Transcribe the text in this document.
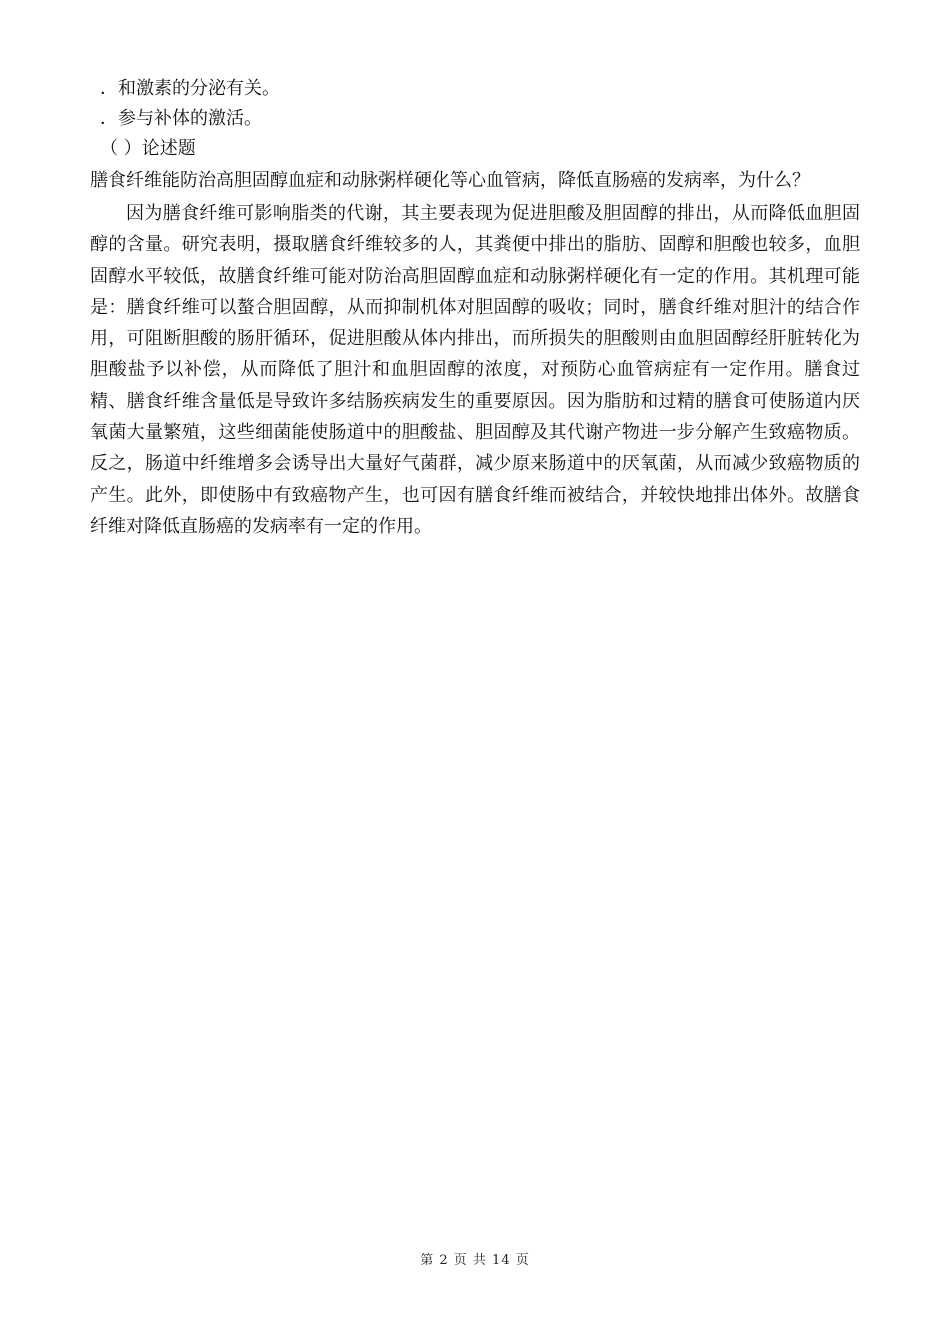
．和激素的分泌有关。

．参与补体的激活。

（ ）论述题

膳食纤维能防治高胆固醇血症和动脉粥样硬化等心血管病，降低直肠癌的发病率，为什么？

因为膳食纤维可影响脂类的代谢，其主要表现为促进胆酸及胆固醇的排出，从而降低血胆固醇的含量。研究表明，摄取膳食纤维较多的人，其粪便中排出的脂肪、固醇和胆酸也较多，血胆固醇水平较低，故膳食纤维可能对防治高胆固醇血症和动脉粥样硬化有一定的作用。其机理可能是：膳食纤维可以螯合胆固醇，从而抑制机体对胆固醇的吸收；同时，膳食纤维对胆汁的结合作用，可阻断胆酸的肠肝循环，促进胆酸从体内排出，而所损失的胆酸则由血胆固醇经肝脏转化为胆酸盐予以补偿，从而降低了胆汁和血胆固醇的浓度，对预防心血管病症有一定作用。膳食过精、膳食纤维含量低是导致许多结肠疾病发生的重要原因。因为脂肪和过精的膳食可使肠道内厌氧菌大量繁殖，这些细菌能使肠道中的胆酸盐、胆固醇及其代谢产物进一步分解产生致癌物质。反之，肠道中纤维增多会诱导出大量好气菌群，减少原来肠道中的厌氧菌，从而减少致癌物质的产生。此外，即使肠中有致癌物产生，也可因有膳食纤维而被结合，并较快地排出体外。故膳食纤维对降低直肠癌的发病率有一定的作用。

第 2 页 共 14 页
